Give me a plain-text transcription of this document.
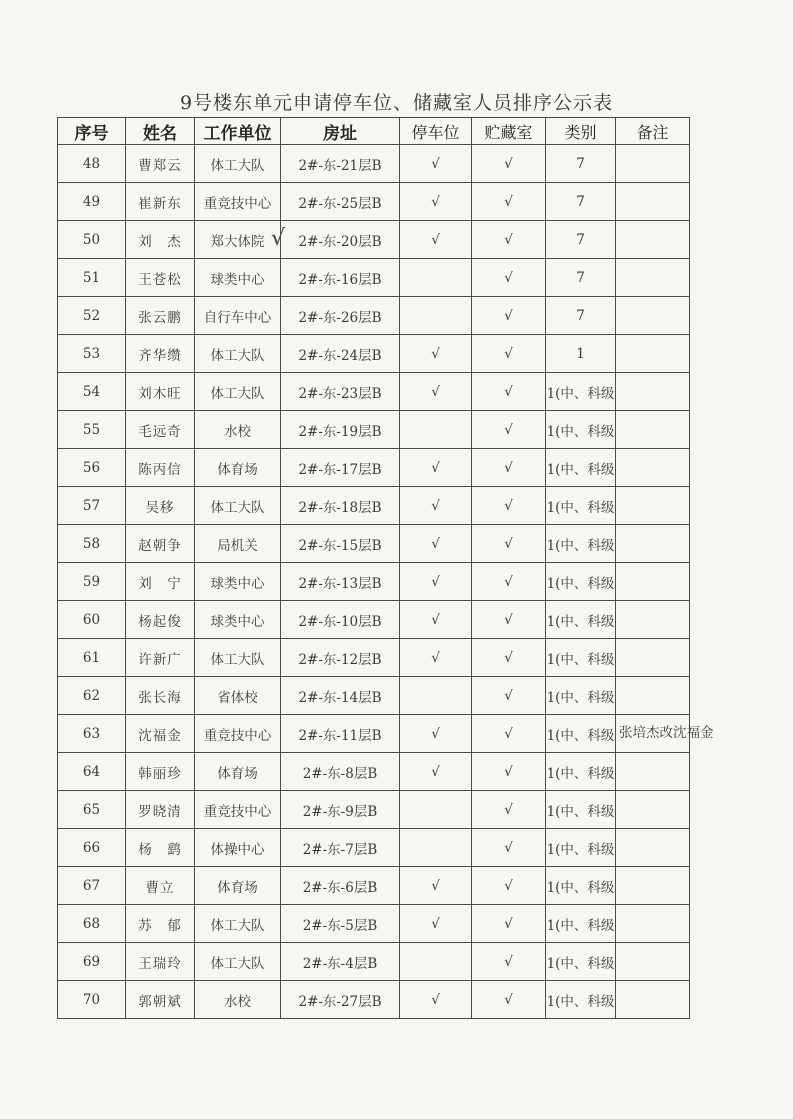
9号楼东单元申请停车位、储藏室人员排序公示表
序号	姓名	工作单位	房址	停车位	贮藏室	类别	备注
48	曹郑云	体工大队	2#-东-21层B	√	√	7	
49	崔新东	重竞技中心	2#-东-25层B	√	√	7	
50	刘　杰	郑大体院	2#-东-20层B	√	√	7	
51	王苍松	球类中心	2#-东-16层B		√	7	
52	张云鹏	自行车中心	2#-东-26层B		√	7	
53	齐华缵	体工大队	2#-东-24层B	√	√	1	
54	刘木旺	体工大队	2#-东-23层B	√	√	1(中、科级	
55	毛远奇	水校	2#-东-19层B		√	1(中、科级	
56	陈丙信	体育场	2#-东-17层B	√	√	1(中、科级	
57	吴移	体工大队	2#-东-18层B	√	√	1(中、科级	
58	赵朝争	局机关	2#-东-15层B	√	√	1(中、科级	
59	刘　宁	球类中心	2#-东-13层B	√	√	1(中、科级	
60	杨起俊	球类中心	2#-东-10层B	√	√	1(中、科级	
61	许新广	体工大队	2#-东-12层B	√	√	1(中、科级	
62	张长海	省体校	2#-东-14层B		√	1(中、科级	
63	沈福金	重竞技中心	2#-东-11层B	√	√	1(中、科级	张培杰改沈福金
64	韩丽珍	体育场	2#-东-8层B	√	√	1(中、科级	
65	罗晓清	重竞技中心	2#-东-9层B		√	1(中、科级	
66	杨　鹞	体操中心	2#-东-7层B		√	1(中、科级	
67	曹立	体育场	2#-东-6层B	√	√	1(中、科级	
68	苏　郁	体工大队	2#-东-5层B	√	√	1(中、科级	
69	王瑞玲	体工大队	2#-东-4层B		√	1(中、科级	
70	郭朝斌	水校	2#-东-27层B	√	√	1(中、科级	
√
